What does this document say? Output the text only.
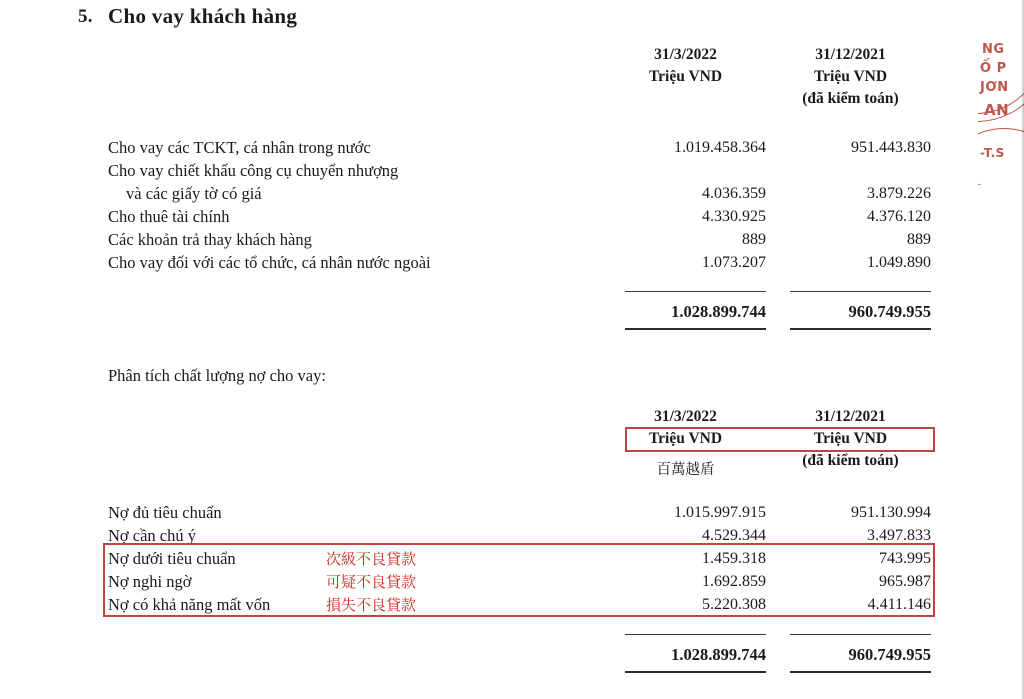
5. Cho vay khách hàng
31/3/2022
Triệu VND
31/12/2021
Triệu VND
(đã kiểm toán)
Cho vay các TCKT, cá nhân trong nước
Cho vay chiết khấu công cụ chuyển nhượng
và các giấy tờ có giá
Cho thuê tài chính
Các khoản trả thay khách hàng
Cho vay đối với các tổ chức, cá nhân nước ngoài
1.019.458.364
4.036.359
4.330.925
889
1.073.207
951.443.830
3.879.226
4.376.120
889
1.049.890
1.028.899.744	960.749.955
Phân tích chất lượng nợ cho vay:
31/3/2022
Triệu VND
百萬越盾
31/12/2021
Triệu VND
(đã kiểm toán)
Nợ đủ tiêu chuẩn
Nợ cần chú ý
Nợ dưới tiêu chuẩn
Nợ nghi ngờ
Nợ có khả năng mất vốn
次級不良貸款
可疑不良貸款
損失不良貸款
1.015.997.915
4.529.344
1.459.318
1.692.859
5.220.308
951.130.994
3.497.833
743.995
965.987
4.411.146
1.028.899.744	960.749.955
NG
Ố P
JƠN
AN
-T.S
